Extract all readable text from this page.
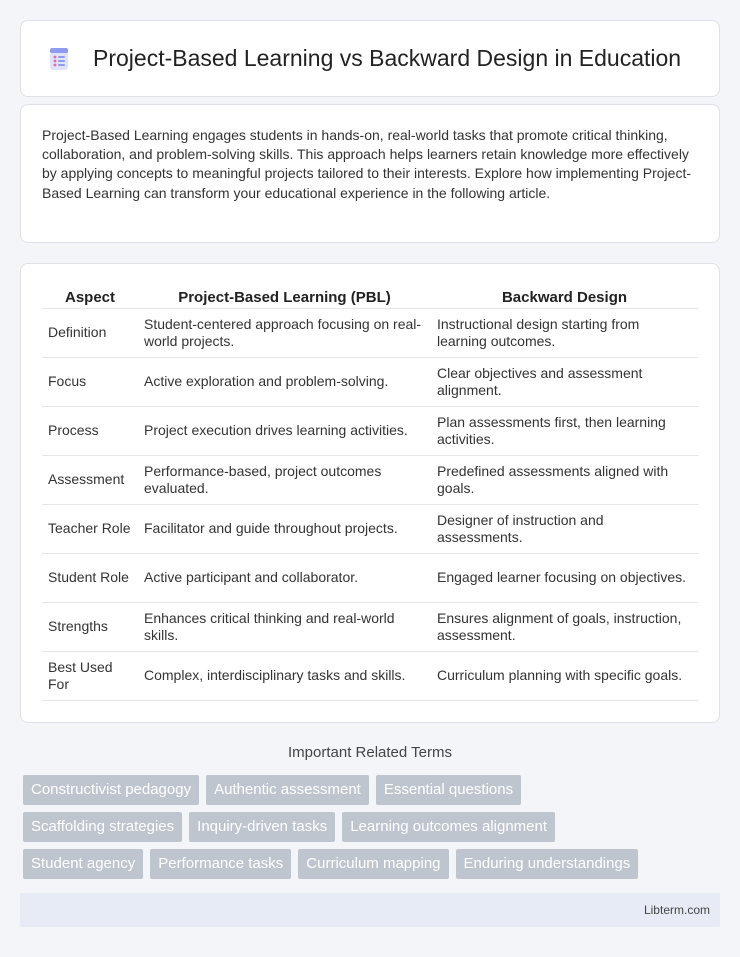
Project-Based Learning vs Backward Design in Education

Project-Based Learning engages students in hands-on, real-world tasks that promote critical thinking, collaboration, and problem-solving skills. This approach helps learners retain knowledge more effectively by applying concepts to meaningful projects tailored to their interests. Explore how implementing Project-Based Learning can transform your educational experience in the following article.

Aspect	Project-Based Learning (PBL)	Backward Design
Definition	Student-centered approach focusing on real-world projects.	Instructional design starting from learning outcomes.
Focus	Active exploration and problem-solving.	Clear objectives and assessment alignment.
Process	Project execution drives learning activities.	Plan assessments first, then learning activities.
Assessment	Performance-based, project outcomes evaluated.	Predefined assessments aligned with goals.
Teacher Role	Facilitator and guide throughout projects.	Designer of instruction and assessments.
Student Role	Active participant and collaborator.	Engaged learner focusing on objectives.
Strengths	Enhances critical thinking and real-world skills.	Ensures alignment of goals, instruction, assessment.
Best Used For	Complex, interdisciplinary tasks and skills.	Curriculum planning with specific goals.
Important Related Terms
Constructivist pedagogy	Authentic assessment	Essential questions
Scaffolding strategies	Inquiry-driven tasks	Learning outcomes alignment
Student agency	Performance tasks	Curriculum mapping	Enduring understandings
Libterm.com
